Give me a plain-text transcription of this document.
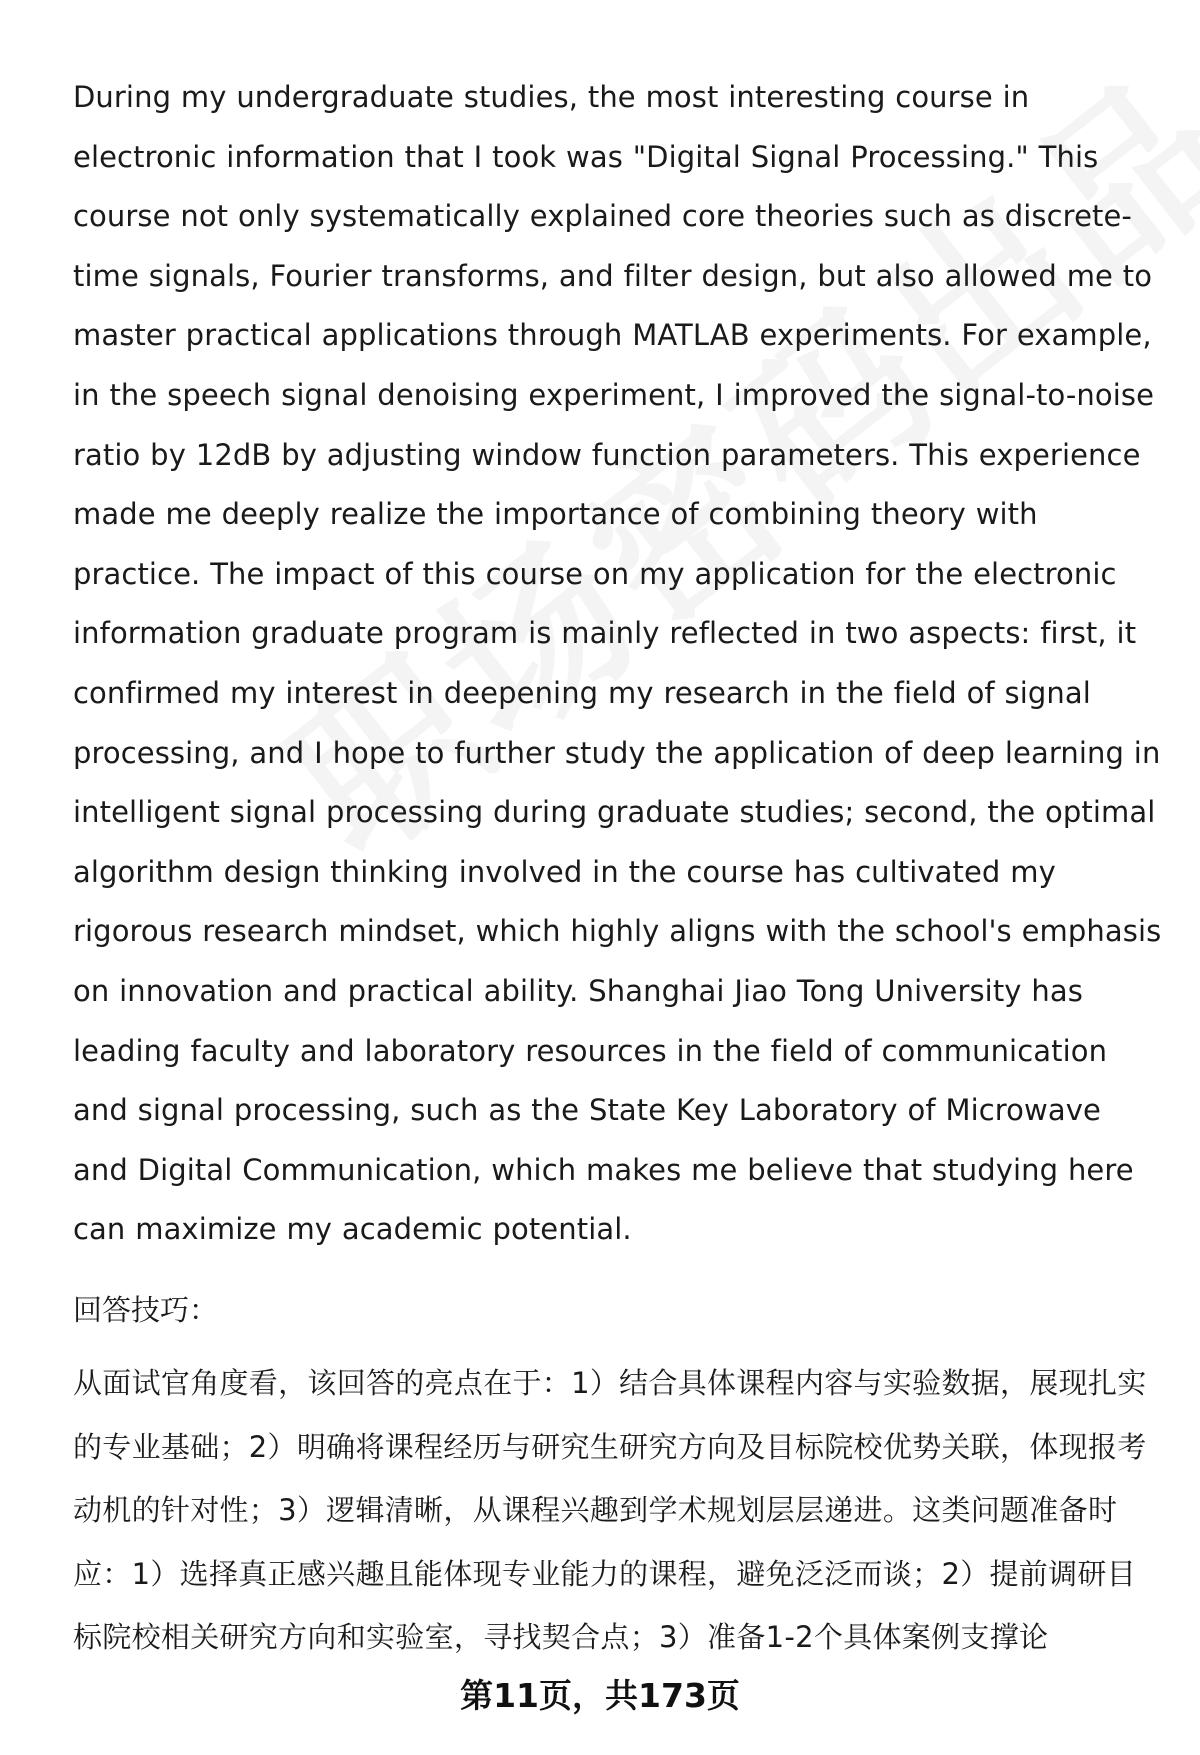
During my undergraduate studies, the most interesting course in electronic information that I took was "Digital Signal Processing." This course not only systematically explained core theories such as discrete-time signals, Fourier transforms, and filter design, but also allowed me to master practical applications through MATLAB experiments. For example, in the speech signal denoising experiment, I improved the signal-to-noise ratio by 12dB by adjusting window function parameters. This experience made me deeply realize the importance of combining theory with practice. The impact of this course on my application for the electronic information graduate program is mainly reflected in two aspects: first, it confirmed my interest in deepening my research in the field of signal processing, and I hope to further study the application of deep learning in intelligent signal processing during graduate studies; second, the optimal algorithm design thinking involved in the course has cultivated my rigorous research mindset, which highly aligns with the school's emphasis on innovation and practical ability. Shanghai Jiao Tong University has leading faculty and laboratory resources in the field of communication and signal processing, such as the State Key Laboratory of Microwave and Digital Communication, which makes me believe that studying here can maximize my academic potential.

回答技巧：

从面试官角度看，该回答的亮点在于：1）结合具体课程内容与实验数据，展现扎实的专业基础；2）明确将课程经历与研究生研究方向及目标院校优势关联，体现报考动机的针对性；3）逻辑清晰，从课程兴趣到学术规划层层递进。这类问题准备时应：1）选择真正感兴趣且能体现专业能力的课程，避免泛泛而谈；2）提前调研目标院校相关研究方向和实验室，寻找契合点；3）准备1-2个具体案例支撑论

第11页，共173页
